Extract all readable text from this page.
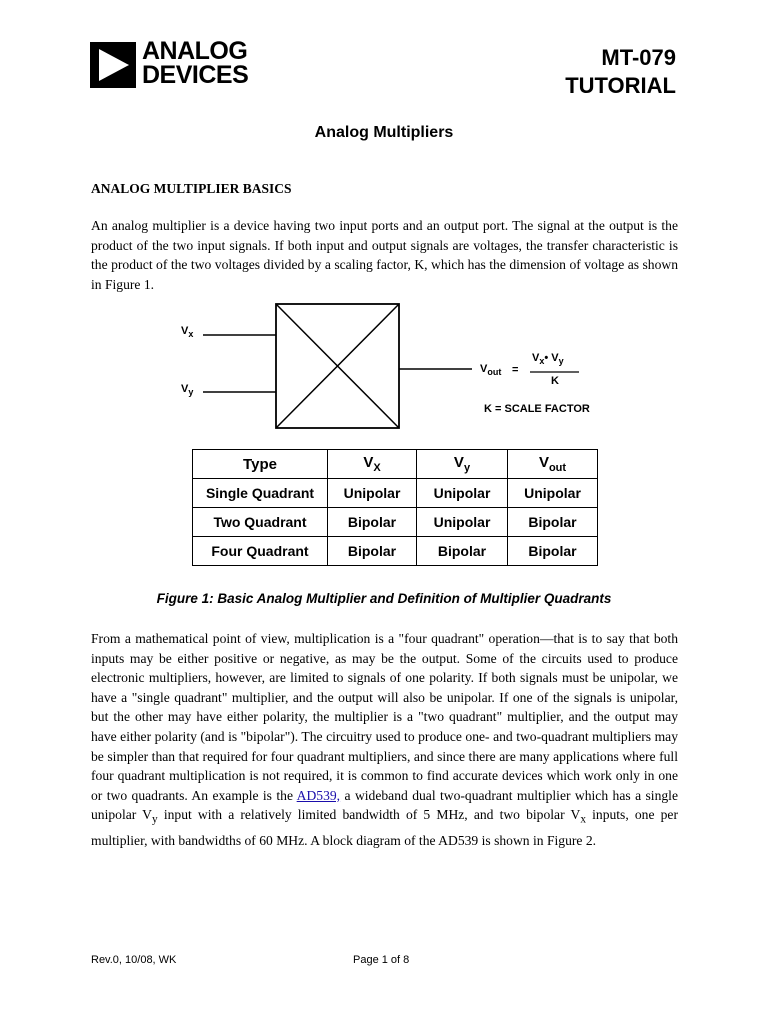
ANALOG
DEVICES
MT-079
TUTORIAL
Analog Multipliers
ANALOG MULTIPLIER BASICS
An analog multiplier is a device having two input ports and an output port. The signal at the output is the product of the two input signals. If both input and output signals are voltages, the transfer characteristic is the product of the two voltages divided by a scaling factor, K, which has the dimension of voltage as shown in Figure 1.
$V_x$
$V_y$
$V_{out}$ =
$V_x•$ $V_y$
K
K = SCALE FACTOR
Type	$V_X$	$V_y$	$V_{out}$
Single Quadrant	Unipolar	Unipolar	Unipolar
Two Quadrant	Bipolar	Unipolar	Bipolar
Four Quadrant	Bipolar	Bipolar	Bipolar
Figure 1: Basic Analog Multiplier and Definition of Multiplier Quadrants
From a mathematical point of view, multiplication is a "four quadrant" operation—that is to say that both inputs may be either positive or negative, as may be the output. Some of the circuits used to produce electronic multipliers, however, are limited to signals of one polarity. If both signals must be unipolar, we have a "single quadrant" multiplier, and the output will also be unipolar. If one of the signals is unipolar, but the other may have either polarity, the multiplier is a "two quadrant" multiplier, and the output may have either polarity (and is "bipolar"). The circuitry used to produce one- and two-quadrant multipliers may be simpler than that required for four quadrant multipliers, and since there are many applications where full four quadrant multiplication is not required, it is common to find accurate devices which work only in one or two quadrants. An example is the AD539, a wideband dual two-quadrant multiplier which has a single unipolar $V_y$ input with a relatively limited bandwidth of 5 MHz, and two bipolar $V_x$ inputs, one per multiplier, with bandwidths of 60 MHz. A block diagram of the AD539 is shown in Figure 2.
Rev.0, 10/08, WK	Page 1 of 8
